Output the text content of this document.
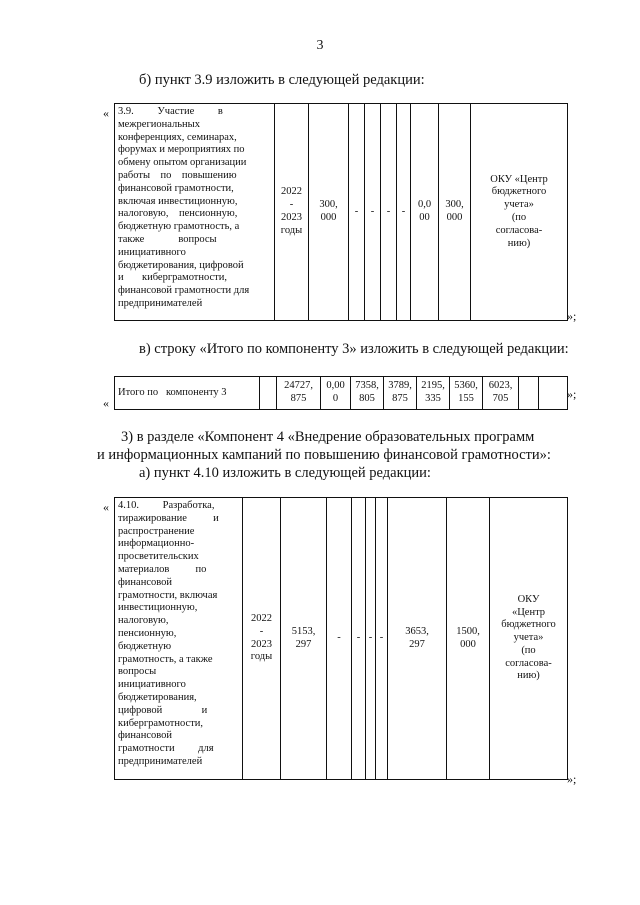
3
б) пункт 3.9 изложить в следующей редакции:
« 3.9.         Участие         в
межрегиональных
конференциях, семинарах,
форумах и мероприятиях по
обмену опытом организации
работы    по    повышению
финансовой грамотности,
включая инвестиционную,
налоговую,    пенсионную,
бюджетную грамотность, а
также             вопросы
инициативного
бюджетирования, цифровой
и       киберграмотности,
финансовой грамотности для
предпринимателей	2022
-
2023
годы	300,
000	-	-	-	-	0,0
00	300,
000	ОКУ «Центр
бюджетного
учета»
(по
согласова-
нию)
»;
в) строку «Итого по компоненту 3» изложить в следующей редакции:
«
Итого по   компоненту 3		24727,
875	0,00
0	7358,
805	3789,
875	2195,
335	5360,
155	6023,
705			»;
3) в разделе «Компонент 4 «Внедрение образовательных программ
и информационных кампаний по повышению финансовой грамотности»:
а) пункт 4.10 изложить в следующей редакции:
« 4.10.         Разработка,
тиражирование          и
распространение
информационно-
просветительских
материалов          по
финансовой
грамотности, включая
инвестиционную,
налоговую,
пенсионную,
бюджетную
грамотность, а также
вопросы
инициативного
бюджетирования,
цифровой               и
кибергрaмотности,
финансовой
грамотности         для
предпринимателей	2022
-
2023
годы	5153,
297	-	-	-	-	3653,
297	1500,
000	ОКУ
«Центр
бюджетного
учета»
(по
согласова-
нию)
»;
